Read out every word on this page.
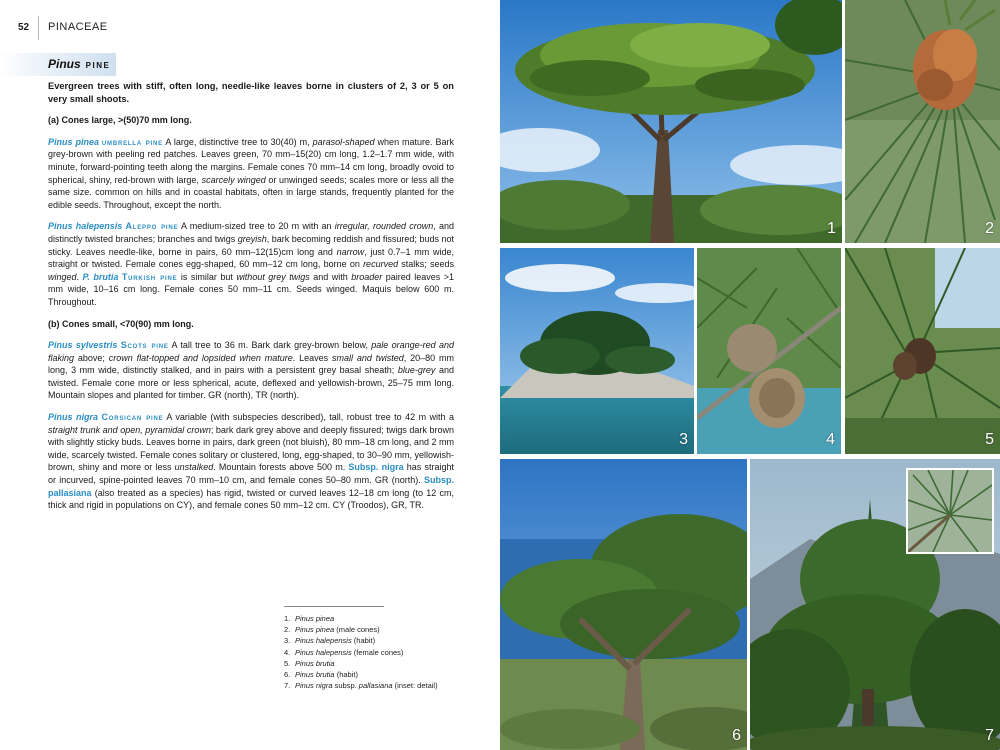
52 PINACEAE
Pinus pine

Evergreen trees with stiff, often long, needle-like leaves borne in clusters of 2, 3 or 5 on very small shoots.

(a) Cones large, >(50)70 mm long.

Pinus pinea umbrella pine A large, distinctive tree to 30(40) m, parasol-shaped when mature. Bark grey-brown with peeling red patches. Leaves green, 70 mm–15(20) cm long, 1.2–1.7 mm wide, with minute, forward-pointing teeth along the margins. Female cones 70 mm–14 cm long, broadly ovoid to spherical, shiny, red-brown with large, scarcely winged or unwinged seeds; scales more or less all the same size. common on hills and in coastal habitats, often in large stands, frequently planted for the edible seeds. Throughout, except the north.

Pinus halepensis Aleppo pine A medium-sized tree to 20 m with an irregular, rounded crown, and distinctly twisted branches; branches and twigs greyish, bark becoming reddish and fissured; buds not sticky. Leaves needle-like, borne in pairs, 60 mm–12(15)cm long and narrow, just 0.7–1 mm wide, straight or twisted. Female cones egg-shaped, 60 mm–12 cm long, borne on recurved stalks; seeds winged. P. brutia Turkish pine is similar but without grey twigs and with broader paired leaves >1 mm wide, 10–16 cm long. Female cones 50 mm–11 cm. Seeds winged. Maquis below 600 m. Throughout.

(b) Cones small, <70(90) mm long.

Pinus sylvestris Scots pine A tall tree to 36 m. Bark dark grey-brown below, pale orange-red and flaking above; crown flat-topped and lopsided when mature. Leaves small and twisted, 20–80 mm long, 3 mm wide, distinctly stalked, and in pairs with a persistent grey basal sheath; blue-grey and twisted. Female cone more or less spherical, acute, deflexed and yellowish-brown, 25–75 mm long. Mountain slopes and planted for timber. GR (north), TR (north).

Pinus nigra Corsican pine A variable (with subspecies described), tall, robust tree to 42 m with a straight trunk and open, pyramidal crown; bark dark grey above and deeply fissured; twigs dark brown with slightly sticky buds. Leaves borne in pairs, dark green (not bluish), 80 mm–18 cm long, and 2 mm wide, scarcely twisted. Female cones solitary or clustered, long, egg-shaped, to 30–90 mm, yellowish-brown, shiny and more or less unstalked. Mountain forests above 500 m. Subsp. nigra has straight or incurved, spine-pointed leaves 70 mm–10 cm, and female cones 50–80 mm. GR (north). Subsp. pallasiana (also treated as a species) has rigid, twisted or curved leaves 12–18 cm long (to 12 cm, thick and rigid in populations on CY), and female cones 50 mm–12 cm. CY (Troodos), GR, TR.

1. Pinus pinea
2. Pinus pinea (male cones)
3. Pinus halepensis (habit)
4. Pinus halepensis (female cones)
5. Pinus brutia
6. Pinus brutia (habit)
7. Pinus nigra subsp. pallasiana (inset: detail)
1	2
3	4	5
6	7
